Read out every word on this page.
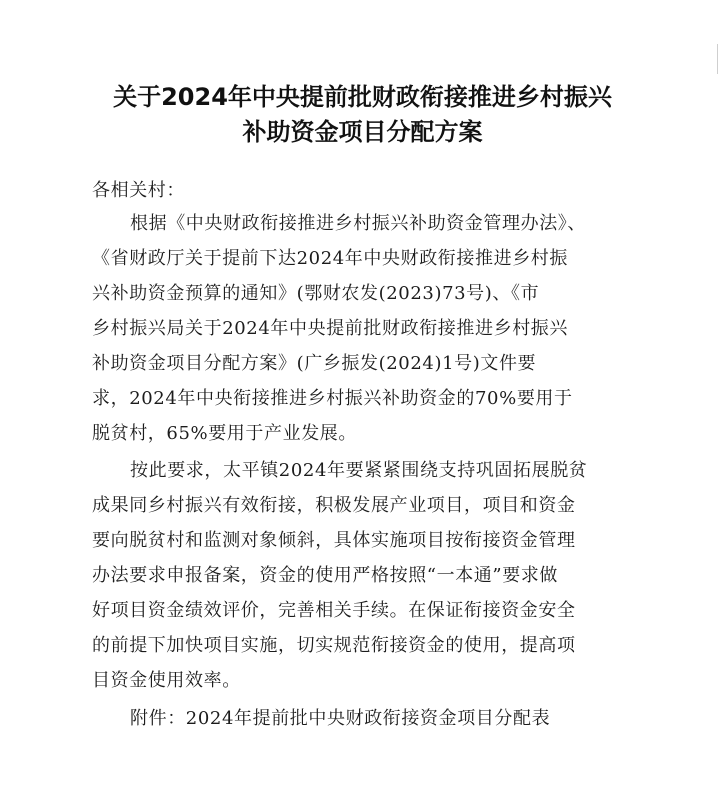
关于2024年中央提前批财政衔接推进乡村振兴
补助资金项目分配方案
各相关村：
根据《中央财政衔接推进乡村振兴补助资金管理办法》、
《省财政厅关于提前下达2024年中央财政衔接推进乡村振
兴补助资金预算的通知》(鄂财农发(2023)73号)、《市
乡村振兴局关于2024年中央提前批财政衔接推进乡村振兴
补助资金项目分配方案》(广乡振发(2024)1号)文件要
求，2024年中央衔接推进乡村振兴补助资金的70%要用于
脱贫村，65%要用于产业发展。
按此要求，太平镇2024年要紧紧围绕支持巩固拓展脱贫
成果同乡村振兴有效衔接，积极发展产业项目，项目和资金
要向脱贫村和监测对象倾斜，具体实施项目按衔接资金管理
办法要求申报备案，资金的使用严格按照“一本通”要求做
好项目资金绩效评价，完善相关手续。在保证衔接资金安全
的前提下加快项目实施，切实规范衔接资金的使用，提高项
目资金使用效率。
附件：2024年提前批中央财政衔接资金项目分配表
